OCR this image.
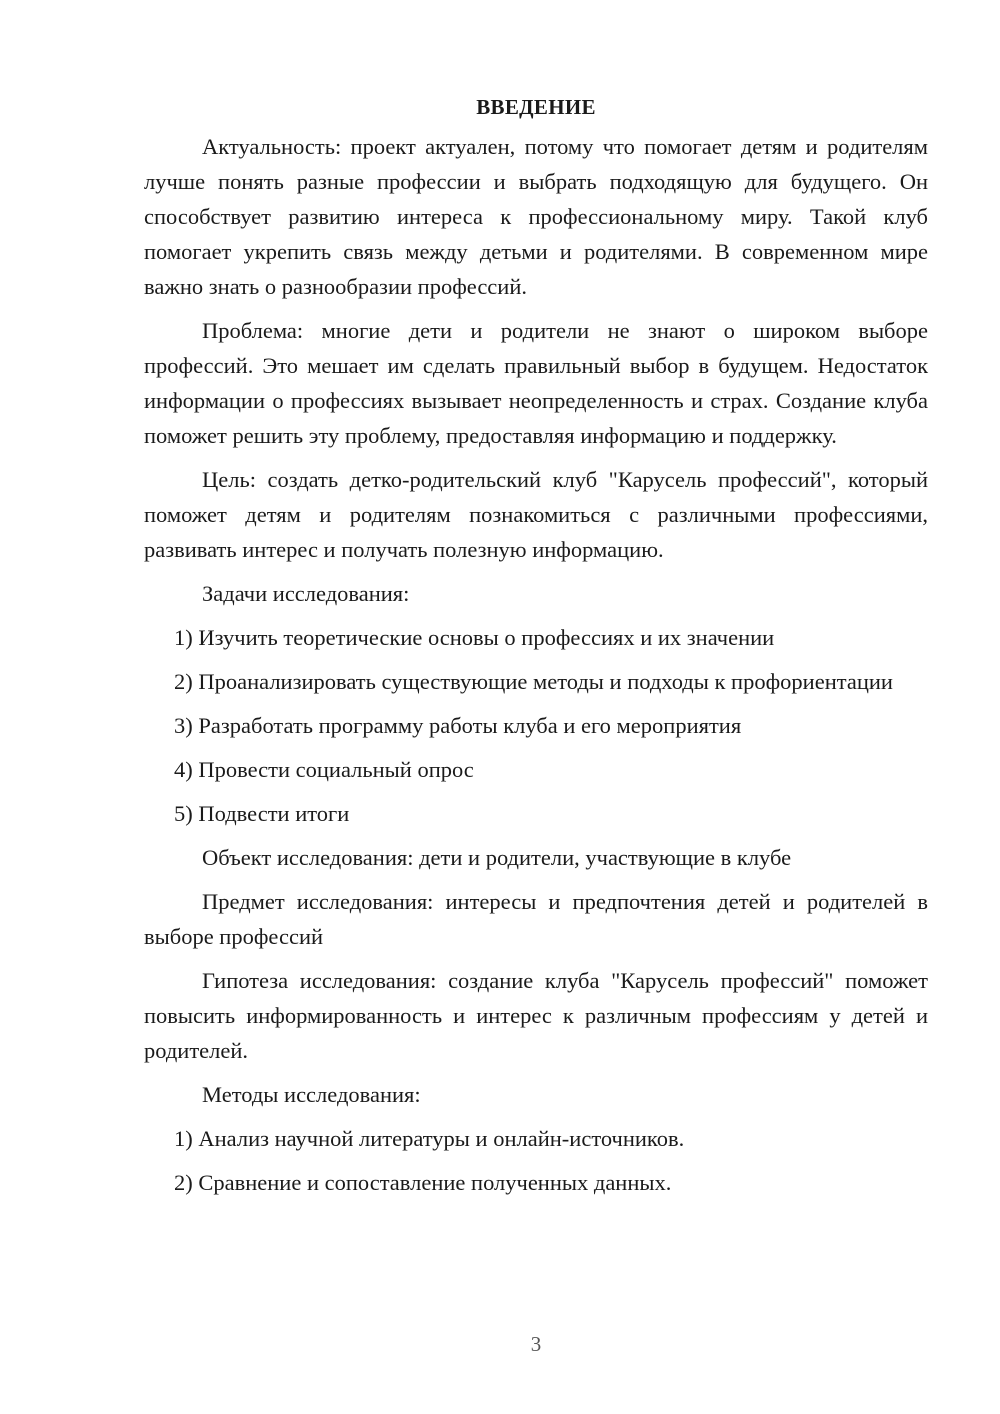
ВВЕДЕНИЕ

Актуальность: проект актуален, потому что помогает детям и родителям лучше понять разные профессии и выбрать подходящую для будущего. Он способствует развитию интереса к профессиональному миру. Такой клуб помогает укрепить связь между детьми и родителями. В современном мире важно знать о разнообразии профессий.

Проблема: многие дети и родители не знают о широком выборе профессий. Это мешает им сделать правильный выбор в будущем. Недостаток информации о профессиях вызывает неопределенность и страх. Создание клуба поможет решить эту проблему, предоставляя информацию и поддержку.

Цель: создать детко-родительский клуб "Карусель профессий", который поможет детям и родителям познакомиться с различными профессиями, развивать интерес и получать полезную информацию.

Задачи исследования:

1) Изучить теоретические основы о профессиях и их значении

2) Проанализировать существующие методы и подходы к профориентации

3) Разработать программу работы клуба и его мероприятия

4) Провести социальный опрос

5) Подвести итоги

Объект исследования: дети и родители, участвующие в клубе

Предмет исследования: интересы и предпочтения детей и родителей в выборе профессий

Гипотеза исследования: создание клуба "Карусель профессий" поможет повысить информированность и интерес к различным профессиям у детей и родителей.

Методы исследования:

1) Анализ научной литературы и онлайн-источников.

2) Сравнение и сопоставление полученных данных.

3
